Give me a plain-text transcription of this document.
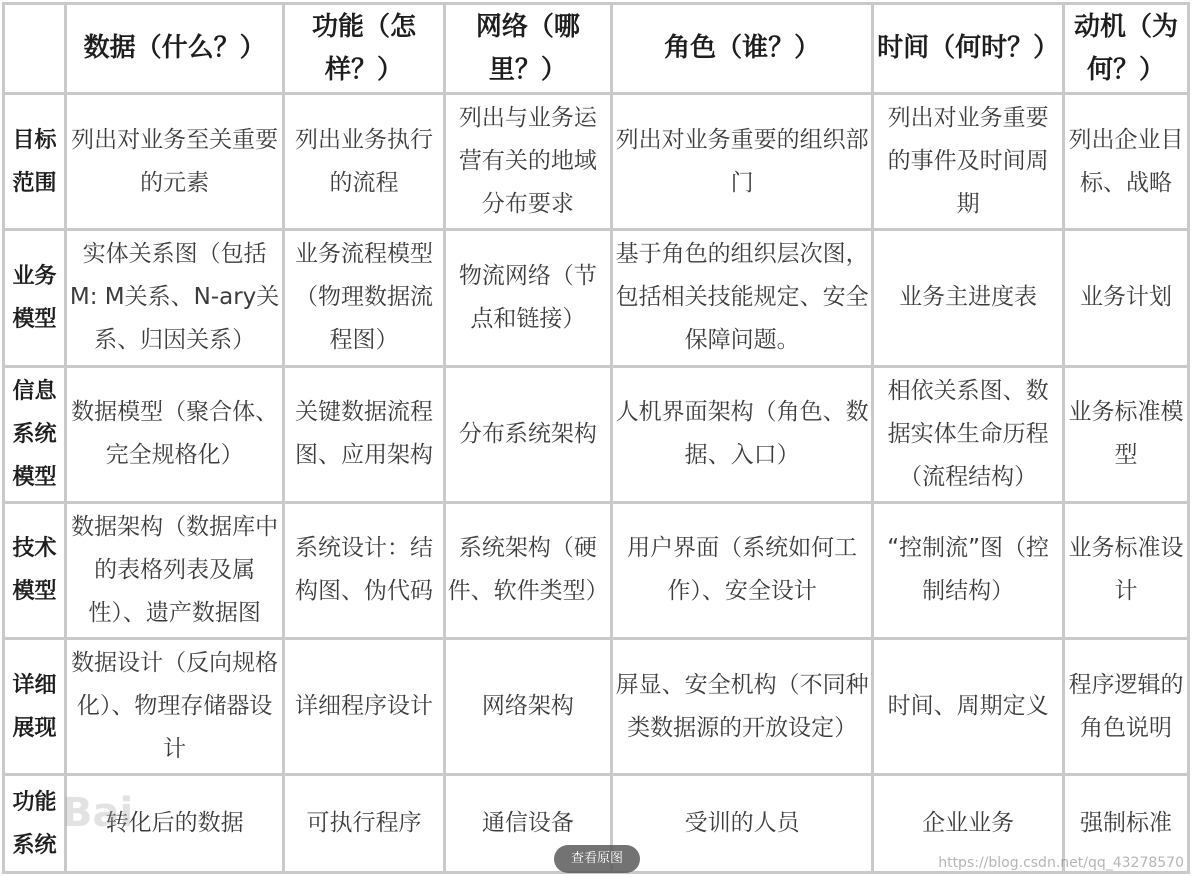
	数据（什么？）	功能（怎样？）	网络（哪里？）	角色（谁？）	时间（何时？）	动机（为何？）
目标范围	列出对业务至关重要的元素	列出业务执行的流程	列出与业务运营有关的地域分布要求	列出对业务重要的组织部门	列出对业务重要的事件及时间周期	列出企业目标、战略
业务模型	实体关系图（包括M: M关系、N-ary关系、归因关系）	业务流程模型（物理数据流程图）	物流网络（节点和链接）	基于角色的组织层次图，包括相关技能规定、安全保障问题。	业务主进度表	业务计划
信息系统模型	数据模型（聚合体、完全规格化）	关键数据流程图、应用架构	分布系统架构	人机界面架构（角色、数据、入口）	相依关系图、数据实体生命历程（流程结构）	业务标准模型
技术模型	数据架构（数据库中的表格列表及属性）、遗产数据图	系统设计：结构图、伪代码	系统架构（硬件、软件类型）	用户界面（系统如何工作）、安全设计	“控制流”图（控制结构）	业务标准设计
详细展现	数据设计（反向规格化）、物理存储器设计	详细程序设计	网络架构	屏显、安全机构（不同种类数据源的开放设定）	时间、周期定义	程序逻辑的角色说明
功能系统	转化后的数据	可执行程序	通信设备	受训的人员	企业业务	强制标准
Bai
https://blog.csdn.net/qq_43278570
查看原图
